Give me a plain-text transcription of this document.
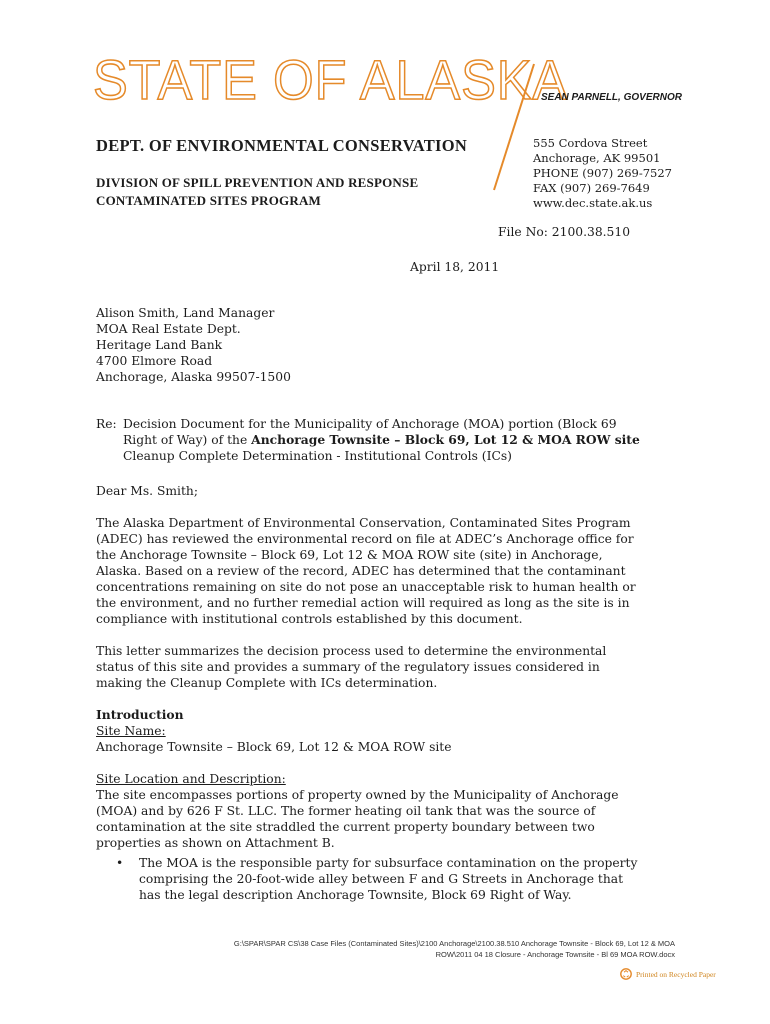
STATE OF ALASKA
DEPT. OF ENVIRONMENTAL CONSERVATION
DIVISION OF SPILL PREVENTION AND RESPONSE
CONTAMINATED SITES PROGRAM
SEAN PARNELL, GOVERNOR
555 Cordova Street
Anchorage, AK 99501
PHONE (907) 269-7527
FAX (907) 269-7649
www.dec.state.ak.us
File No: 2100.38.510
April 18, 2011
Alison Smith, Land Manager
MOA Real Estate Dept.
Heritage Land Bank
4700 Elmore Road
Anchorage, Alaska 99507-1500
Re: Decision Document for the Municipality of Anchorage (MOA) portion (Block 69
Right of Way) of the Anchorage Townsite – Block 69, Lot 12 & MOA ROW site
Cleanup Complete Determination - Institutional Controls (ICs)
Dear Ms. Smith;
The Alaska Department of Environmental Conservation, Contaminated Sites Program
(ADEC) has reviewed the environmental record on file at ADEC’s Anchorage office for
the Anchorage Townsite – Block 69, Lot 12 & MOA ROW site (site) in Anchorage,
Alaska. Based on a review of the record, ADEC has determined that the contaminant
concentrations remaining on site do not pose an unacceptable risk to human health or
the environment, and no further remedial action will required as long as the site is in
compliance with institutional controls established by this document.
This letter summarizes the decision process used to determine the environmental
status of this site and provides a summary of the regulatory issues considered in
making the Cleanup Complete with ICs determination.
Introduction
Site Name:
Anchorage Townsite – Block 69, Lot 12 & MOA ROW site
Site Location and Description:
The site encompasses portions of property owned by the Municipality of Anchorage
(MOA) and by 626 F St. LLC. The former heating oil tank that was the source of
contamination at the site straddled the current property boundary between two
properties as shown on Attachment B.
• The MOA is the responsible party for subsurface contamination on the property
comprising the 20-foot-wide alley between F and G Streets in Anchorage that
has the legal description Anchorage Townsite, Block 69 Right of Way.
G:\SPAR\SPAR CS\38 Case Files (Contaminated Sites)\2100 Anchorage\2100.38.510 Anchorage Townsite - Block 69, Lot 12 & MOA
ROW\2011 04 18 Closure - Anchorage Townsite - Bl 69 MOA ROW.docx
Printed on Recycled Paper
